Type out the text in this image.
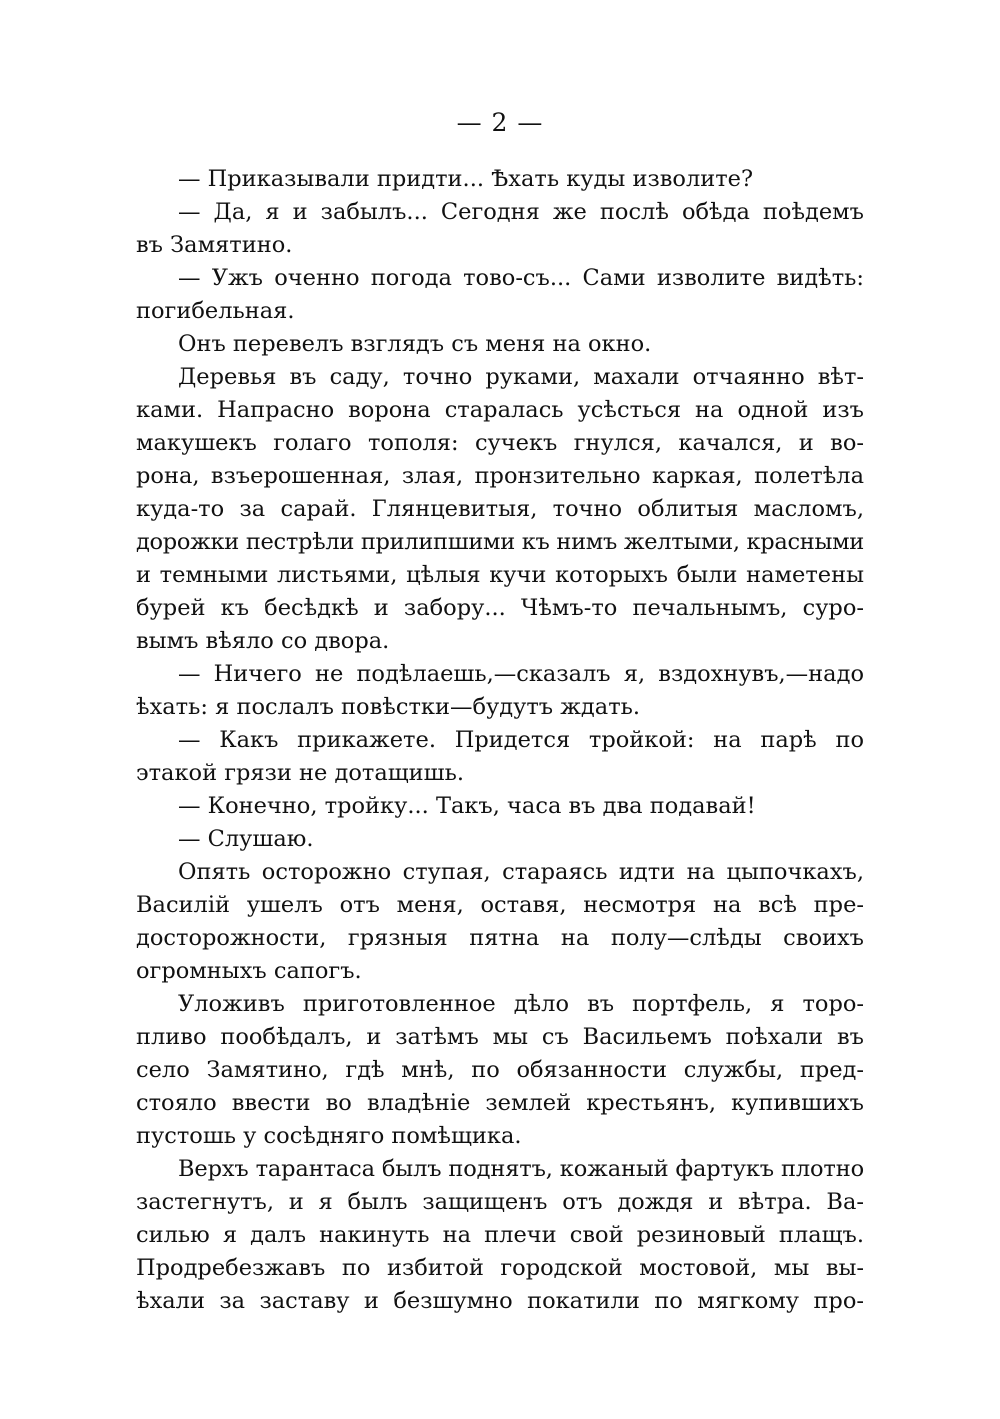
— 2 —
— Приказывали придти... Ѣхать куды изволите?
— Да, я и забылъ... Сегодня же послѣ обѣда поѣдемъ
въ Замятино.
— Ужъ оченно погода тово-съ... Сами изволите видѣть:
погибельная.
Онъ перевелъ взглядъ съ меня на окно.
Деревья въ саду, точно руками, махали отчаянно вѣт-
ками. Напрасно ворона старалась усѣсться на одной изъ
макушекъ голаго тополя: сучекъ гнулся, качался, и во-
рона, взъерошенная, злая, пронзительно каркая, полетѣла
куда-то за сарай. Глянцевитыя, точно облитыя масломъ,
дорожки пестрѣли прилипшими къ нимъ желтыми, красными
и темными листьями, цѣлыя кучи которыхъ были наметены
бурей къ бесѣдкѣ и забору... Чѣмъ-то печальнымъ, суро-
вымъ вѣяло со двора.
— Ничего не подѣлаешь,—сказалъ я, вздохнувъ,—надо
ѣхать: я послалъ повѣстки—будутъ ждать.
— Какъ прикажете. Придется тройкой: на парѣ по
этакой грязи не дотащишь.
— Конечно, тройку... Такъ, часа въ два подавай!
— Слушаю.
Опять осторожно ступая, стараясь идти на цыпочкахъ,
Василій ушелъ отъ меня, оставя, несмотря на всѣ пре-
досторожности, грязныя пятна на полу—слѣды своихъ
огромныхъ сапогъ.
Уложивъ приготовленное дѣло въ портфель, я торо-
пливо пообѣдалъ, и затѣмъ мы съ Васильемъ поѣхали въ
село Замятино, гдѣ мнѣ, по обязанности службы, пред-
стояло ввести во владѣніе землей крестьянъ, купившихъ
пустошь у сосѣдняго помѣщика.
Верхъ тарантаса былъ поднятъ, кожаный фартукъ плотно
застегнутъ, и я былъ защищенъ отъ дождя и вѣтра. Ва-
силью я далъ накинуть на плечи свой резиновый плащъ.
Продребезжавъ по избитой городской мостовой, мы вы-
ѣхали за заставу и безшумно покатили по мягкому про-
